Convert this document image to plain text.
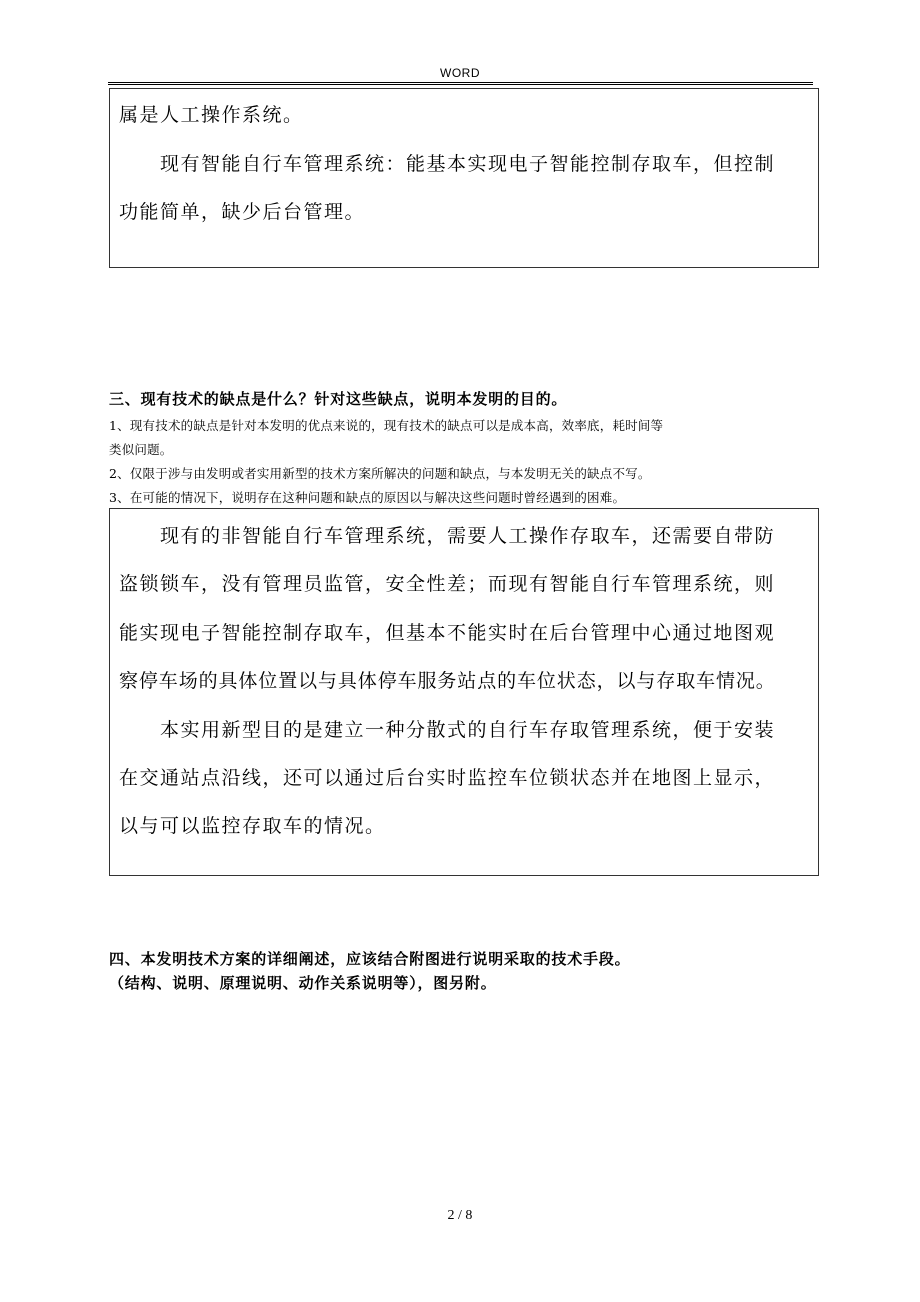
WORD

属是人工操作系统。

　　现有智能自行车管理系统：能基本实现电子智能控制存取车，但控制

功能简单，缺少后台管理。

三、现有技术的缺点是什么？针对这些缺点，说明本发明的目的。

1、现有技术的缺点是针对本发明的优点来说的，现有技术的缺点可以是成本高，效率底，耗时间等

类似问题。

2、仅限于涉与由发明或者实用新型的技术方案所解决的问题和缺点，与本发明无关的缺点不写。

3、在可能的情况下，说明存在这种问题和缺点的原因以与解决这些问题时曾经遇到的困难。

　　现有的非智能自行车管理系统，需要人工操作存取车，还需要自带防

盗锁锁车，没有管理员监管，安全性差；而现有智能自行车管理系统，则

能实现电子智能控制存取车，但基本不能实时在后台管理中心通过地图观

察停车场的具体位置以与具体停车服务站点的车位状态，以与存取车情况。

　　本实用新型目的是建立一种分散式的自行车存取管理系统，便于安装

在交通站点沿线，还可以通过后台实时监控车位锁状态并在地图上显示，

以与可以监控存取车的情况。

四、本发明技术方案的详细阐述，应该结合附图进行说明采取的技术手段。

（结构、说明、原理说明、动作关系说明等），图另附。

2 / 8
